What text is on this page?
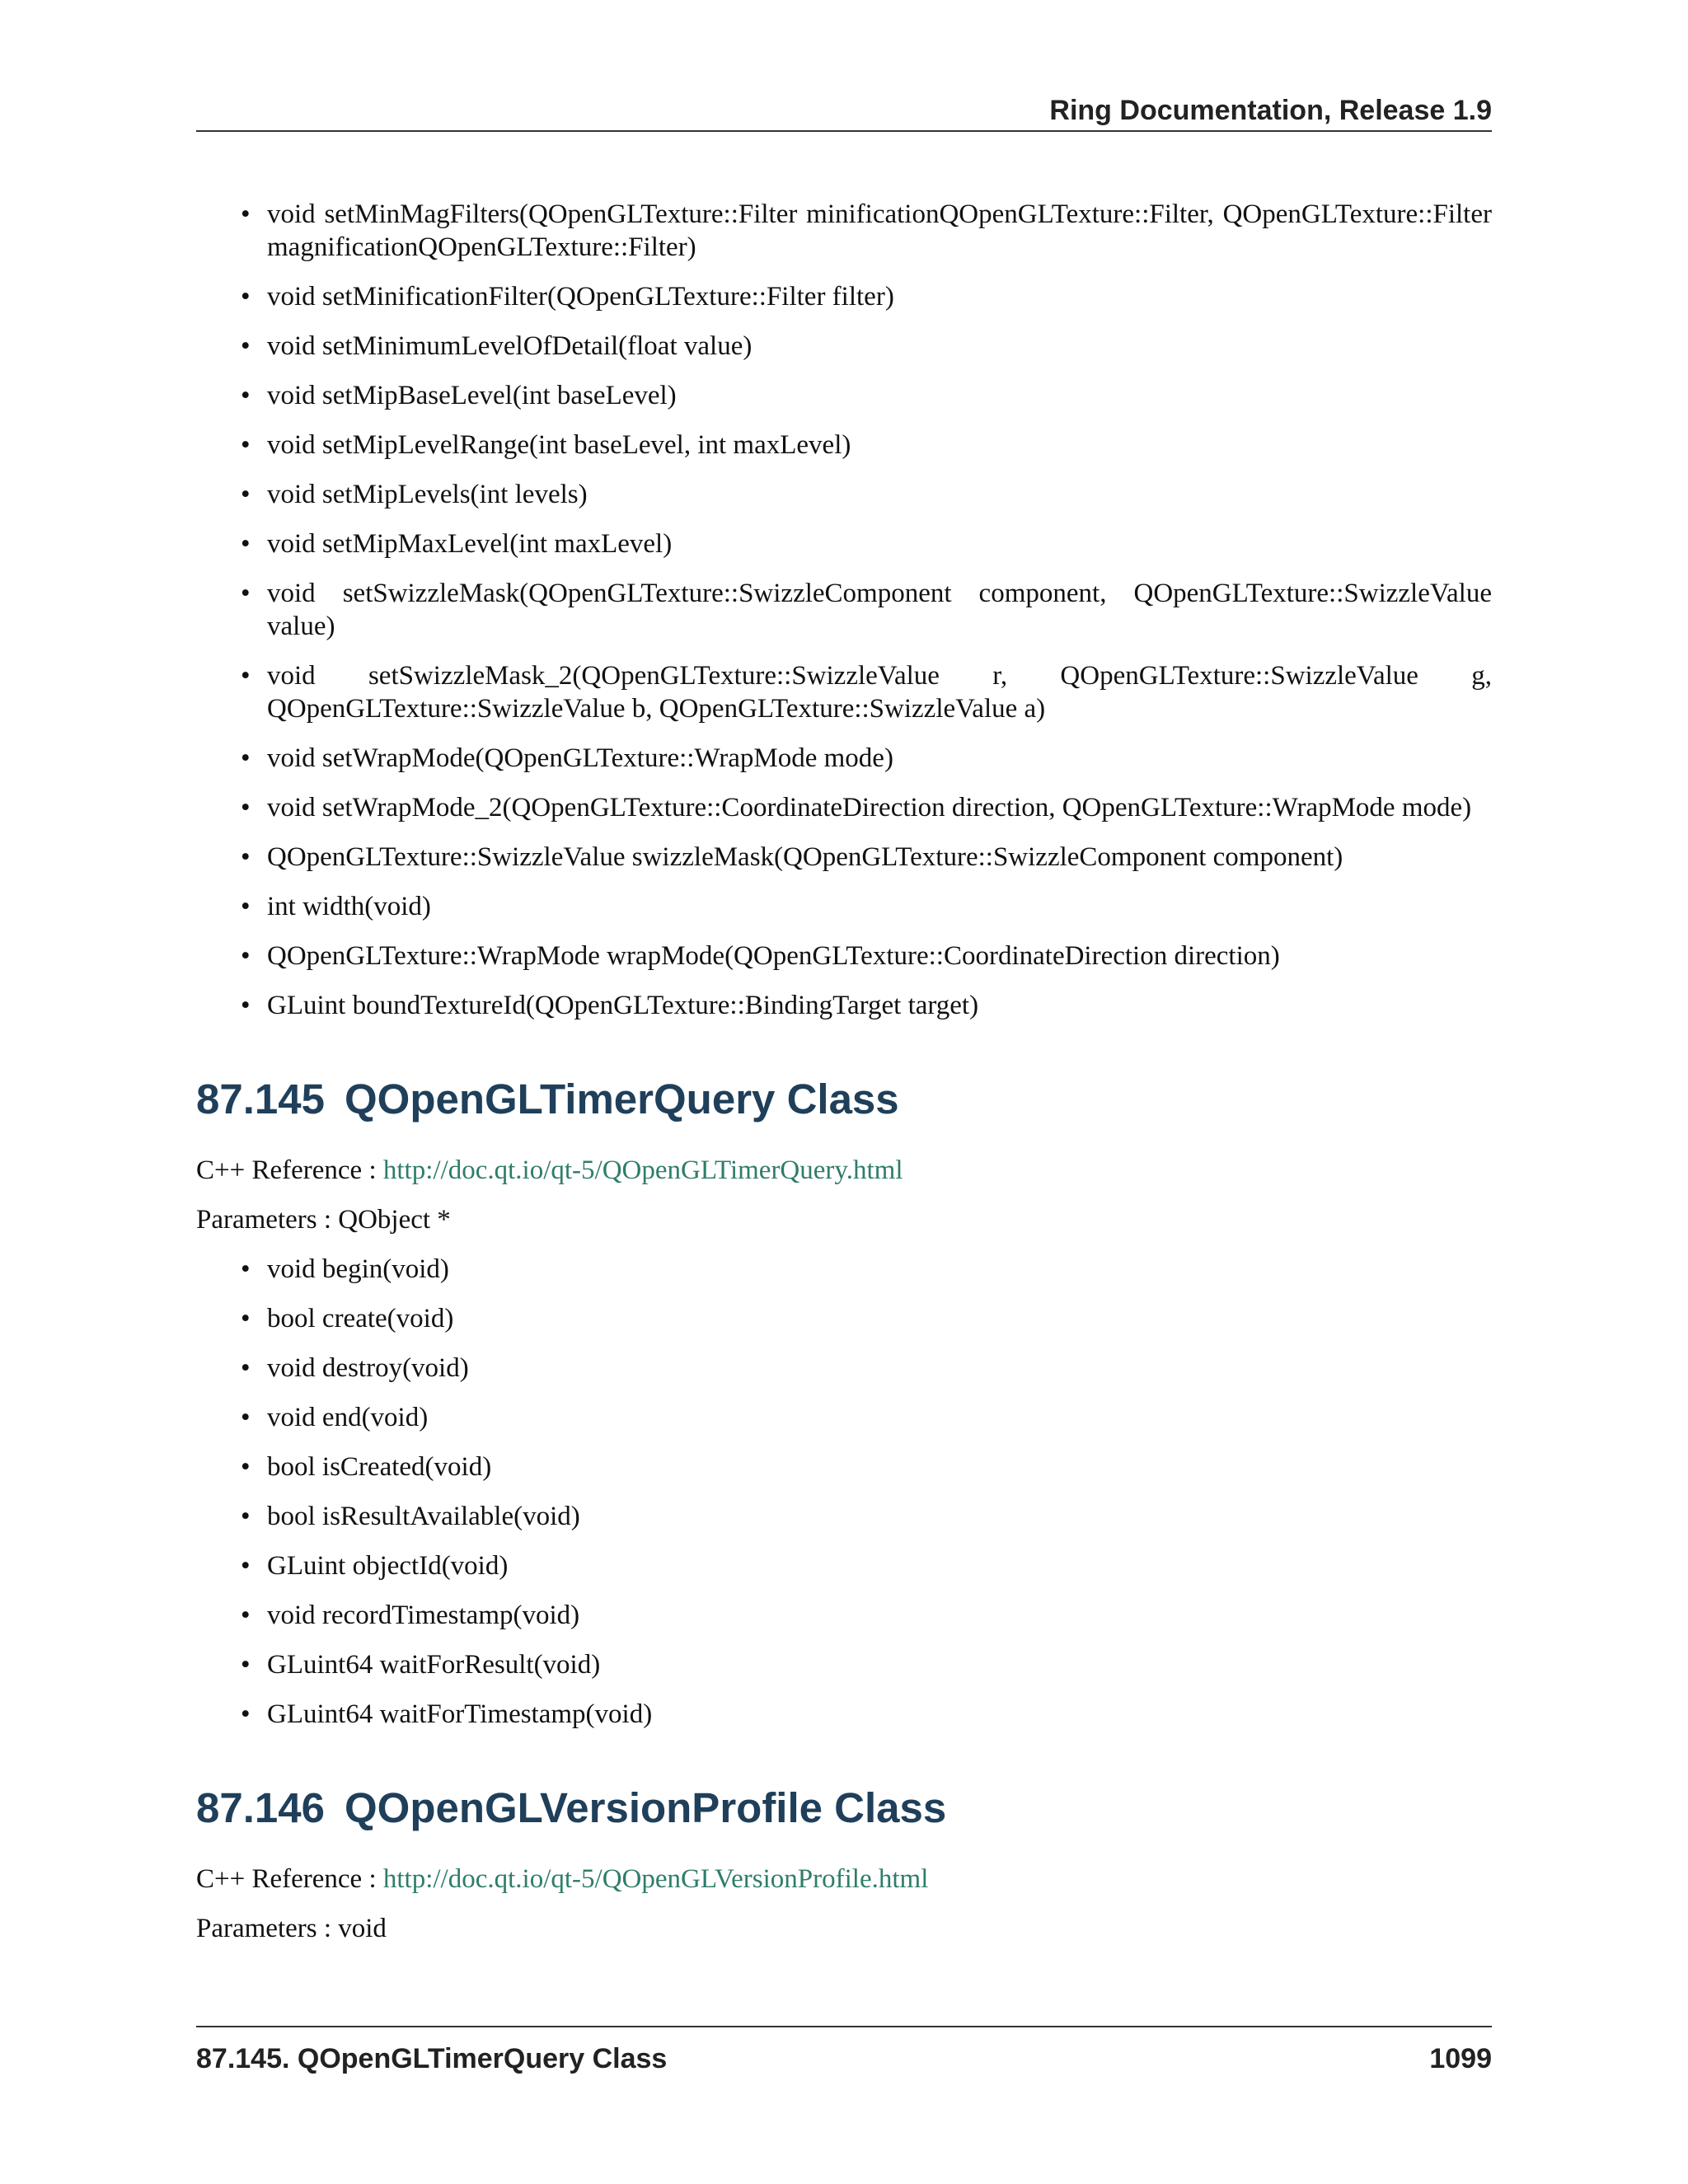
Ring Documentation, Release 1.9
• void setMinMagFilters(QOpenGLTexture::Filter minificationQOpenGLTexture::Filter, QOpenGLTexture::Filter magnificationQOpenGLTexture::Filter)
• void setMinificationFilter(QOpenGLTexture::Filter filter)
• void setMinimumLevelOfDetail(float value)
• void setMipBaseLevel(int baseLevel)
• void setMipLevelRange(int baseLevel, int maxLevel)
• void setMipLevels(int levels)
• void setMipMaxLevel(int maxLevel)
• void setSwizzleMask(QOpenGLTexture::SwizzleComponent component, QOpenGLTexture::SwizzleValue value)
• void setSwizzleMask_2(QOpenGLTexture::SwizzleValue r, QOpenGLTexture::SwizzleValue g, QOpenGLTexture::SwizzleValue b, QOpenGLTexture::SwizzleValue a)
• void setWrapMode(QOpenGLTexture::WrapMode mode)
• void setWrapMode_2(QOpenGLTexture::CoordinateDirection direction, QOpenGLTexture::WrapMode mode)
• QOpenGLTexture::SwizzleValue swizzleMask(QOpenGLTexture::SwizzleComponent component)
• int width(void)
• QOpenGLTexture::WrapMode wrapMode(QOpenGLTexture::CoordinateDirection direction)
• GLuint boundTextureId(QOpenGLTexture::BindingTarget target)
87.145 QOpenGLTimerQuery Class

C++ Reference : http://doc.qt.io/qt-5/QOpenGLTimerQuery.html

Parameters : QObject *

• void begin(void)
• bool create(void)
• void destroy(void)
• void end(void)
• bool isCreated(void)
• bool isResultAvailable(void)
• GLuint objectId(void)
• void recordTimestamp(void)
• GLuint64 waitForResult(void)
• GLuint64 waitForTimestamp(void)
87.146 QOpenGLVersionProfile Class

C++ Reference : http://doc.qt.io/qt-5/QOpenGLVersionProfile.html

Parameters : void

87.145. QOpenGLTimerQuery Class	1099
